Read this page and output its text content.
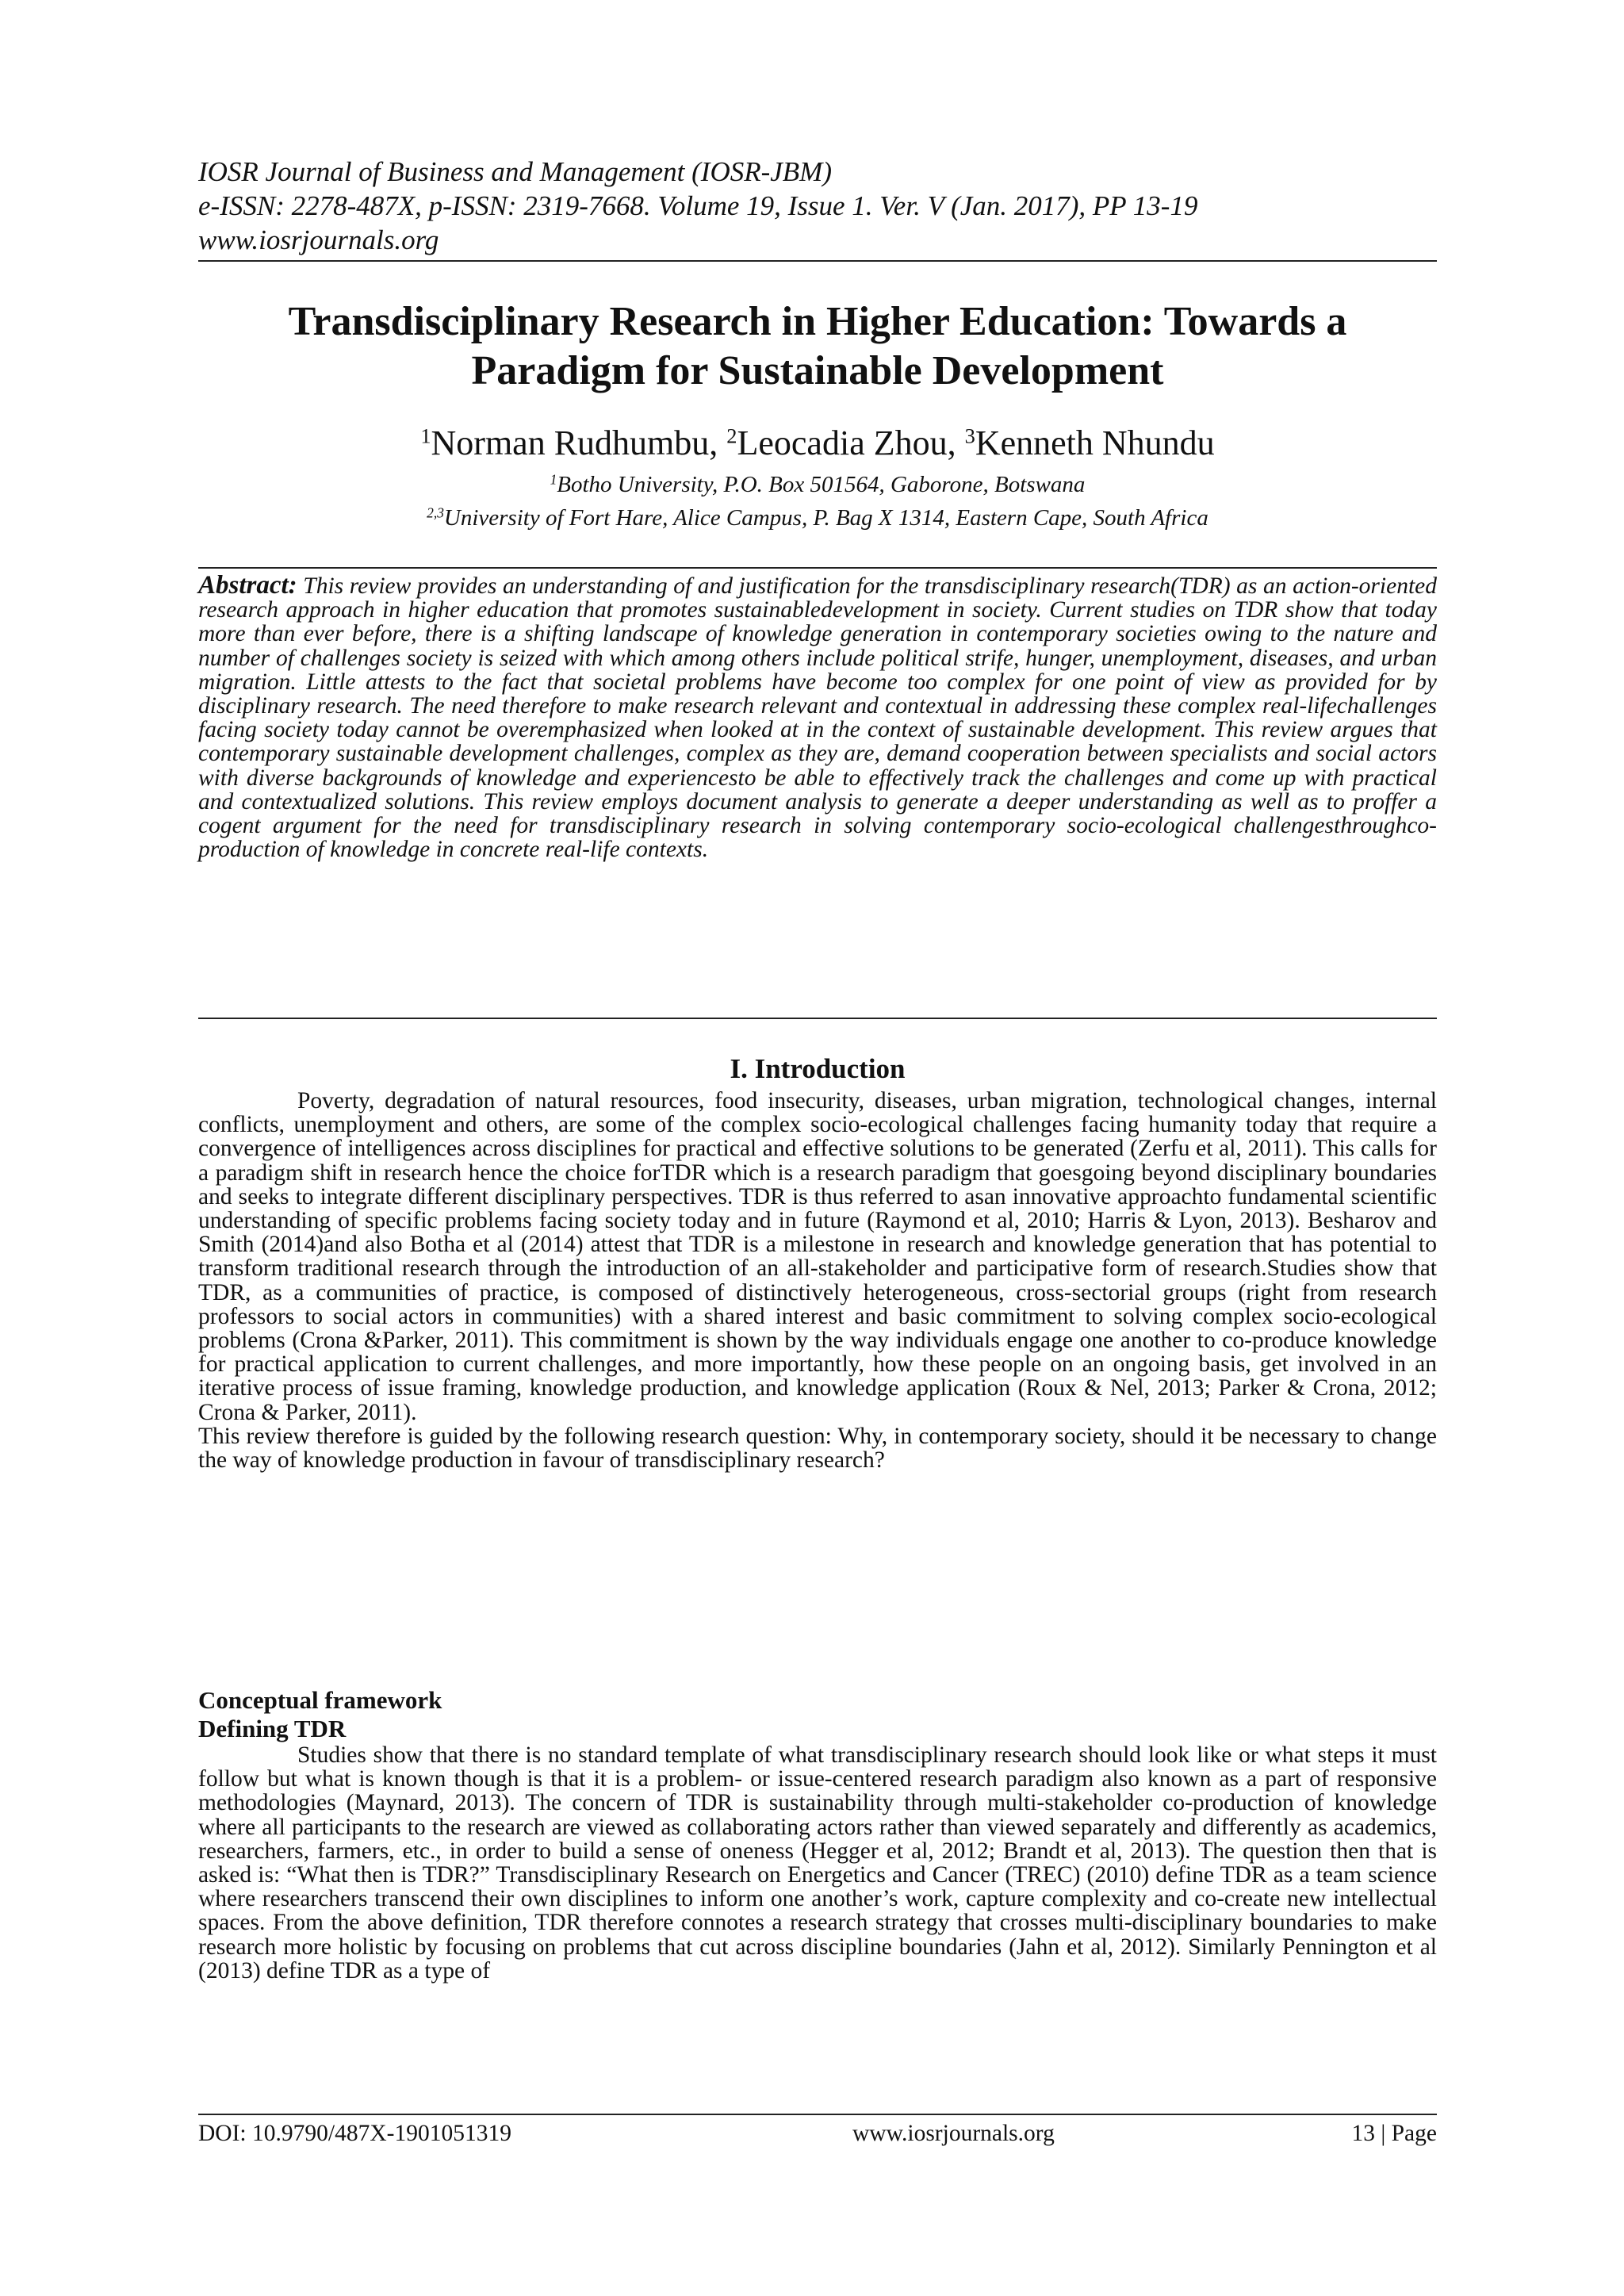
IOSR Journal of Business and Management (IOSR-JBM)
e-ISSN: 2278-487X, p-ISSN: 2319-7668. Volume 19, Issue 1. Ver. V (Jan. 2017), PP 13-19
www.iosrjournals.org
Transdisciplinary Research in Higher Education: Towards a Paradigm for Sustainable Development
$^1$Norman Rudhumbu, $^2$Leocadia Zhou, $^3$Kenneth Nhundu
$^1$Botho University, P.O. Box 501564, Gaborone, Botswana
$^{2,3}$University of Fort Hare, Alice Campus, P. Bag X 1314, Eastern Cape, South Africa
Abstract: This review provides an understanding of and justification for the transdisciplinary research(TDR) as an action-oriented research approach in higher education that promotes sustainabledevelopment in society. Current studies on TDR show that today more than ever before, there is a shifting landscape of knowledge generation in contemporary societies owing to the nature and number of challenges society is seized with which among others include political strife, hunger, unemployment, diseases, and urban migration. Little attests to the fact that societal problems have become too complex for one point of view as provided for by disciplinary research. The need therefore to make research relevant and contextual in addressing these complex real-lifechallenges facing society today cannot be overemphasized when looked at in the context of sustainable development. This review argues that contemporary sustainable development challenges, complex as they are, demand cooperation between specialists and social actors with diverse backgrounds of knowledge and experiencesto be able to effectively track the challenges and come up with practical and contextualized solutions. This review employs document analysis to generate a deeper understanding as well as to proffer a cogent argument for the need for transdisciplinary research in solving contemporary socio-ecological challengesthroughco-production of knowledge in concrete real-life contexts.
I. Introduction

Poverty, degradation of natural resources, food insecurity, diseases, urban migration, technological changes, internal conflicts, unemployment and others, are some of the complex socio-ecological challenges facing humanity today that require a convergence of intelligences across disciplines for practical and effective solutions to be generated (Zerfu et al, 2011). This calls for a paradigm shift in research hence the choice forTDR which is a research paradigm that goesgoing beyond disciplinary boundaries and seeks to integrate different disciplinary perspectives. TDR is thus referred to asan innovative approachto fundamental scientific understanding of specific problems facing society today and in future (Raymond et al, 2010; Harris & Lyon, 2013). Besharov and Smith (2014)and also Botha et al (2014) attest that TDR is a milestone in research and knowledge generation that has potential to transform traditional research through the introduction of an all-stakeholder and participative form of research.Studies show that TDR, as a communities of practice, is composed of distinctively heterogeneous, cross-sectorial groups (right from research professors to social actors in communities) with a shared interest and basic commitment to solving complex socio-ecological problems (Crona &Parker, 2011). This commitment is shown by the way individuals engage one another to co-produce knowledge for practical application to current challenges, and more importantly, how these people on an ongoing basis, get involved in an iterative process of issue framing, knowledge production, and knowledge application (Roux & Nel, 2013; Parker & Crona, 2012; Crona & Parker, 2011).

This review therefore is guided by the following research question: Why, in contemporary society, should it be necessary to change the way of knowledge production in favour of transdisciplinary research?

Conceptual framework
Defining TDR

Studies show that there is no standard template of what transdisciplinary research should look like or what steps it must follow but what is known though is that it is a problem- or issue-centered research paradigm also known as a part of responsive methodologies (Maynard, 2013). The concern of TDR is sustainability through multi-stakeholder co-production of knowledge where all participants to the research are viewed as collaborating actors rather than viewed separately and differently as academics, researchers, farmers, etc., in order to build a sense of oneness (Hegger et al, 2012; Brandt et al, 2013). The question then that is asked is: “What then is TDR?” Transdisciplinary Research on Energetics and Cancer (TREC) (2010) define TDR as a team science where researchers transcend their own disciplines to inform one another’s work, capture complexity and co-create new intellectual spaces. From the above definition, TDR therefore connotes a research strategy that crosses multi-disciplinary boundaries to make research more holistic by focusing on problems that cut across discipline boundaries (Jahn et al, 2012). Similarly Pennington et al (2013) define TDR as a type of

DOI: 10.9790/487X-1901051319	www.iosrjournals.org	13 | Page
